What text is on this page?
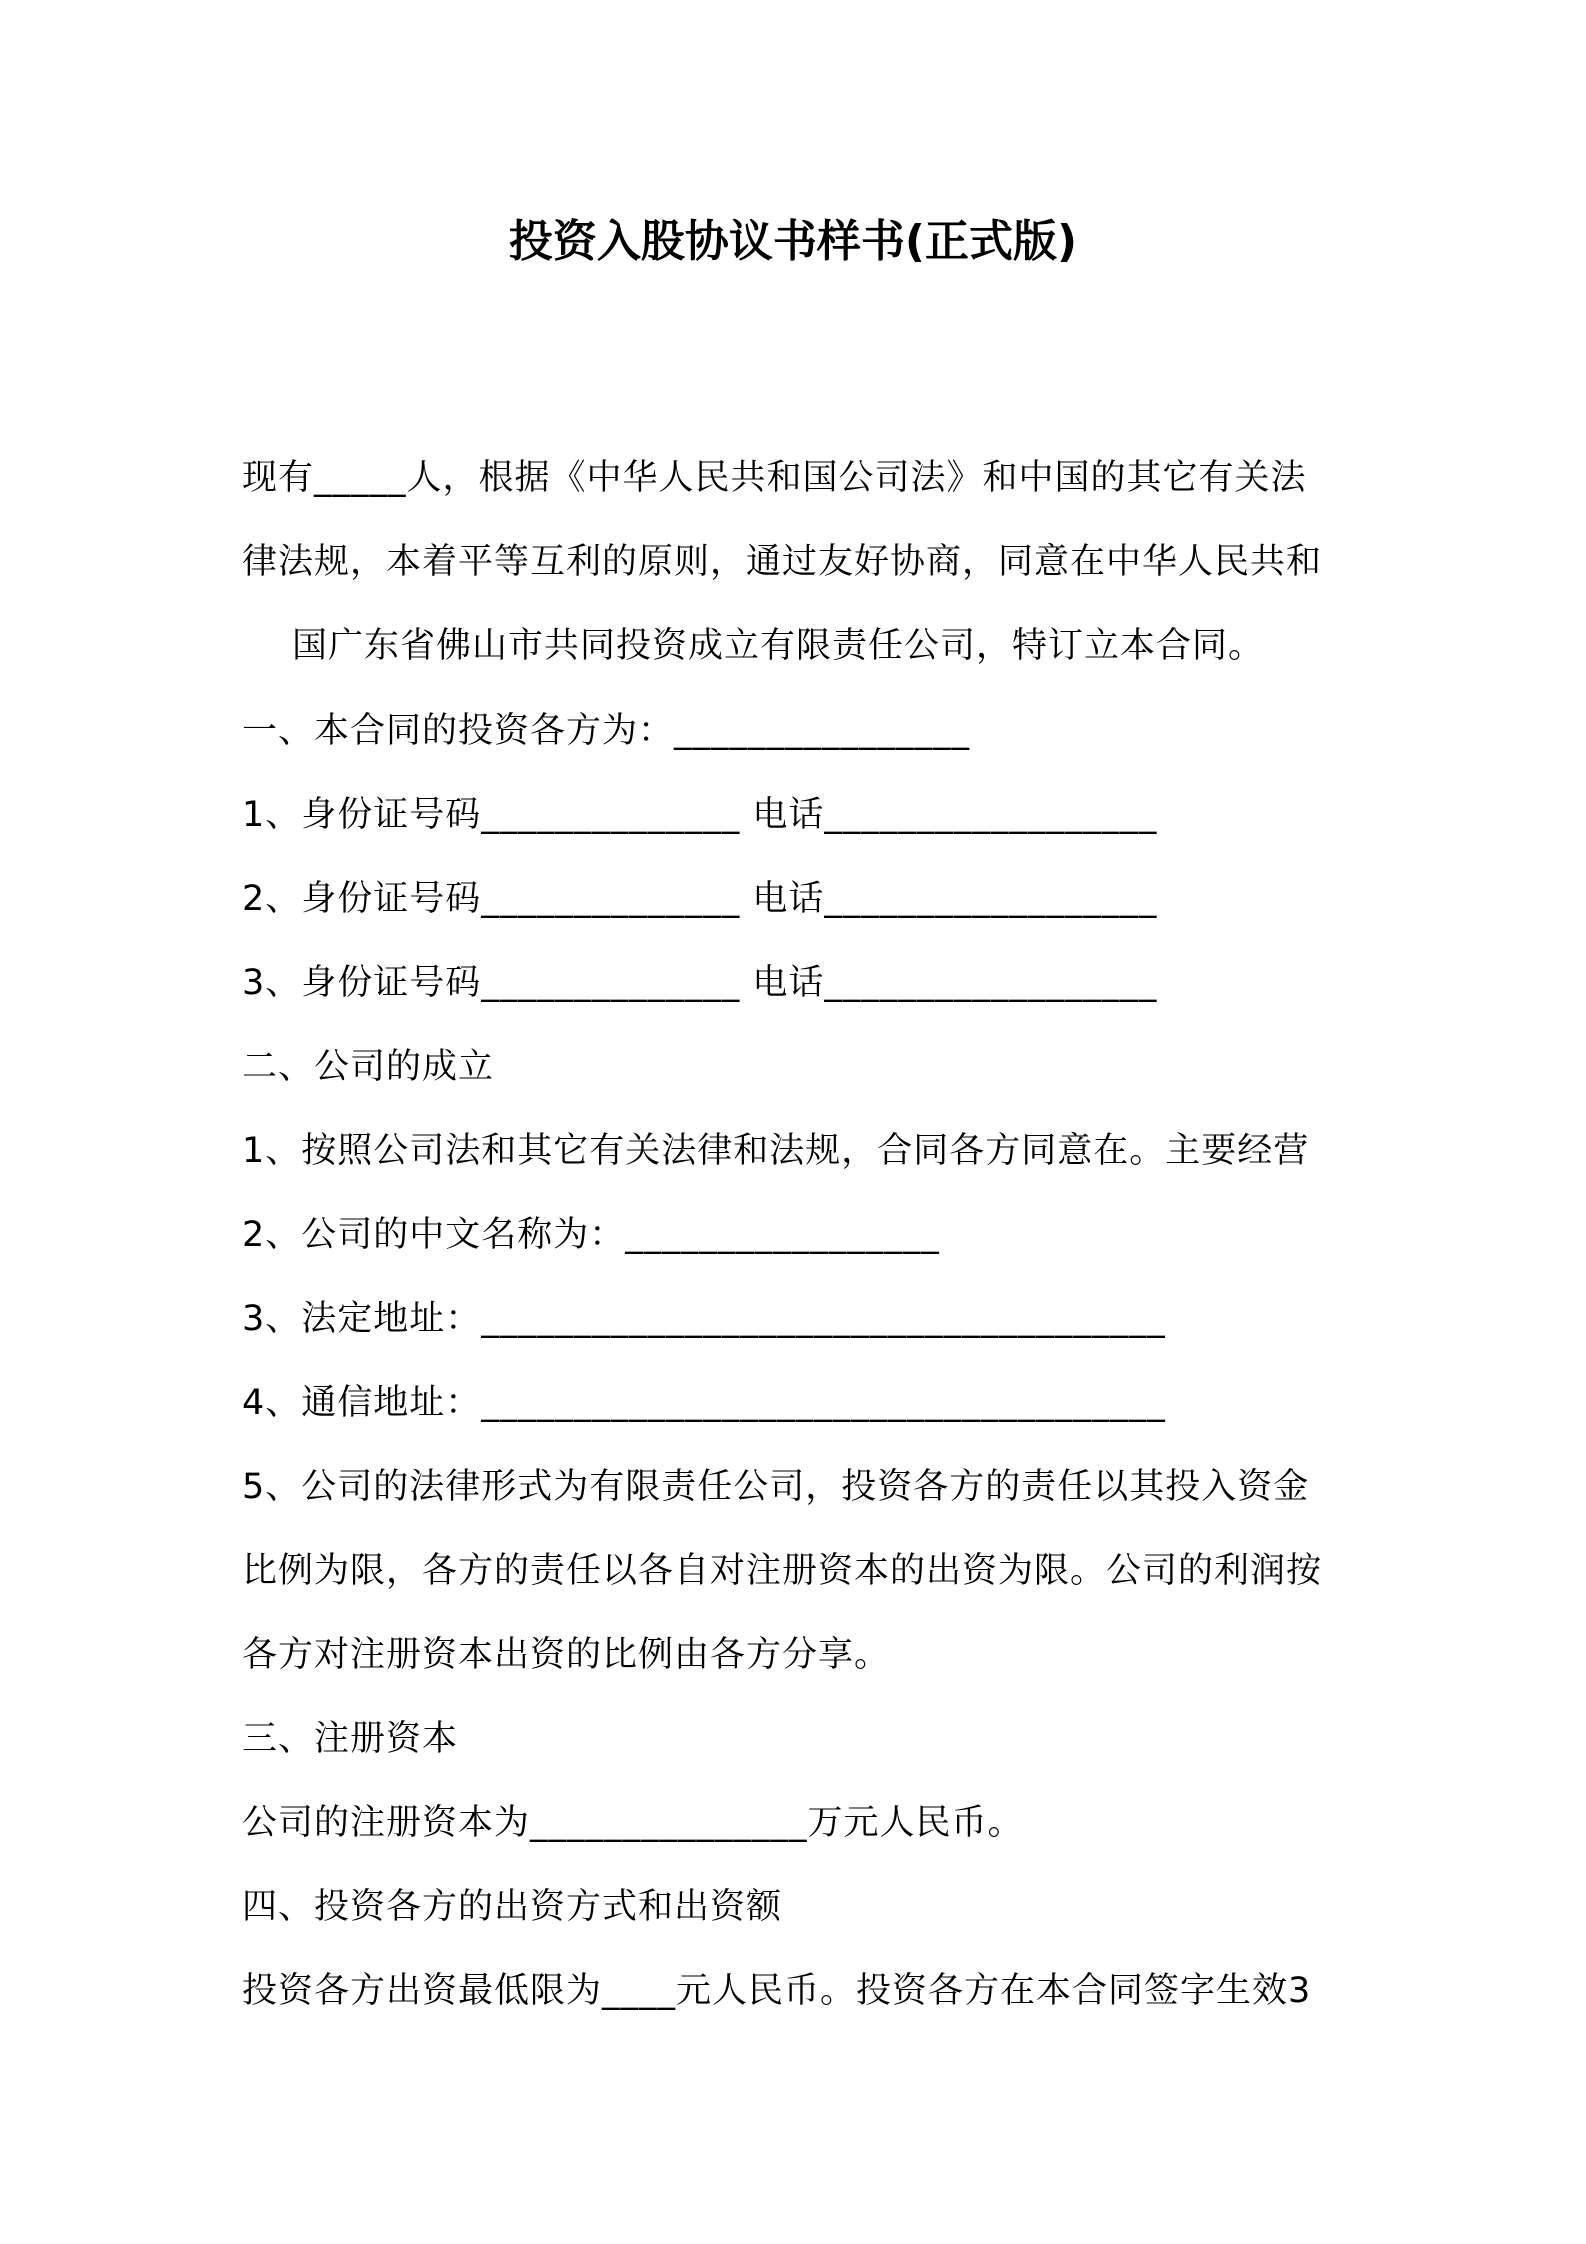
投资入股协议书样书(正式版)
现有_____人，根据《中华人民共和国公司法》和中国的其它有关法
律法规，本着平等互利的原则，通过友好协商，同意在中华人民共和
国广东省佛山市共同投资成立有限责任公司，特订立本合同。
一、本合同的投资各方为：________________
1、身份证号码______________ 电话__________________
2、身份证号码______________ 电话__________________
3、身份证号码______________ 电话__________________
二、公司的成立
1、按照公司法和其它有关法律和法规，合同各方同意在。主要经营
2、公司的中文名称为：_________________
3、法定地址：_____________________________________
4、通信地址：_____________________________________
5、公司的法律形式为有限责任公司，投资各方的责任以其投入资金
比例为限，各方的责任以各自对注册资本的出资为限。公司的利润按
各方对注册资本出资的比例由各方分享。
三、注册资本
公司的注册资本为_______________万元人民币。
四、投资各方的出资方式和出资额
投资各方出资最低限为____元人民币。投资各方在本合同签字生效3
